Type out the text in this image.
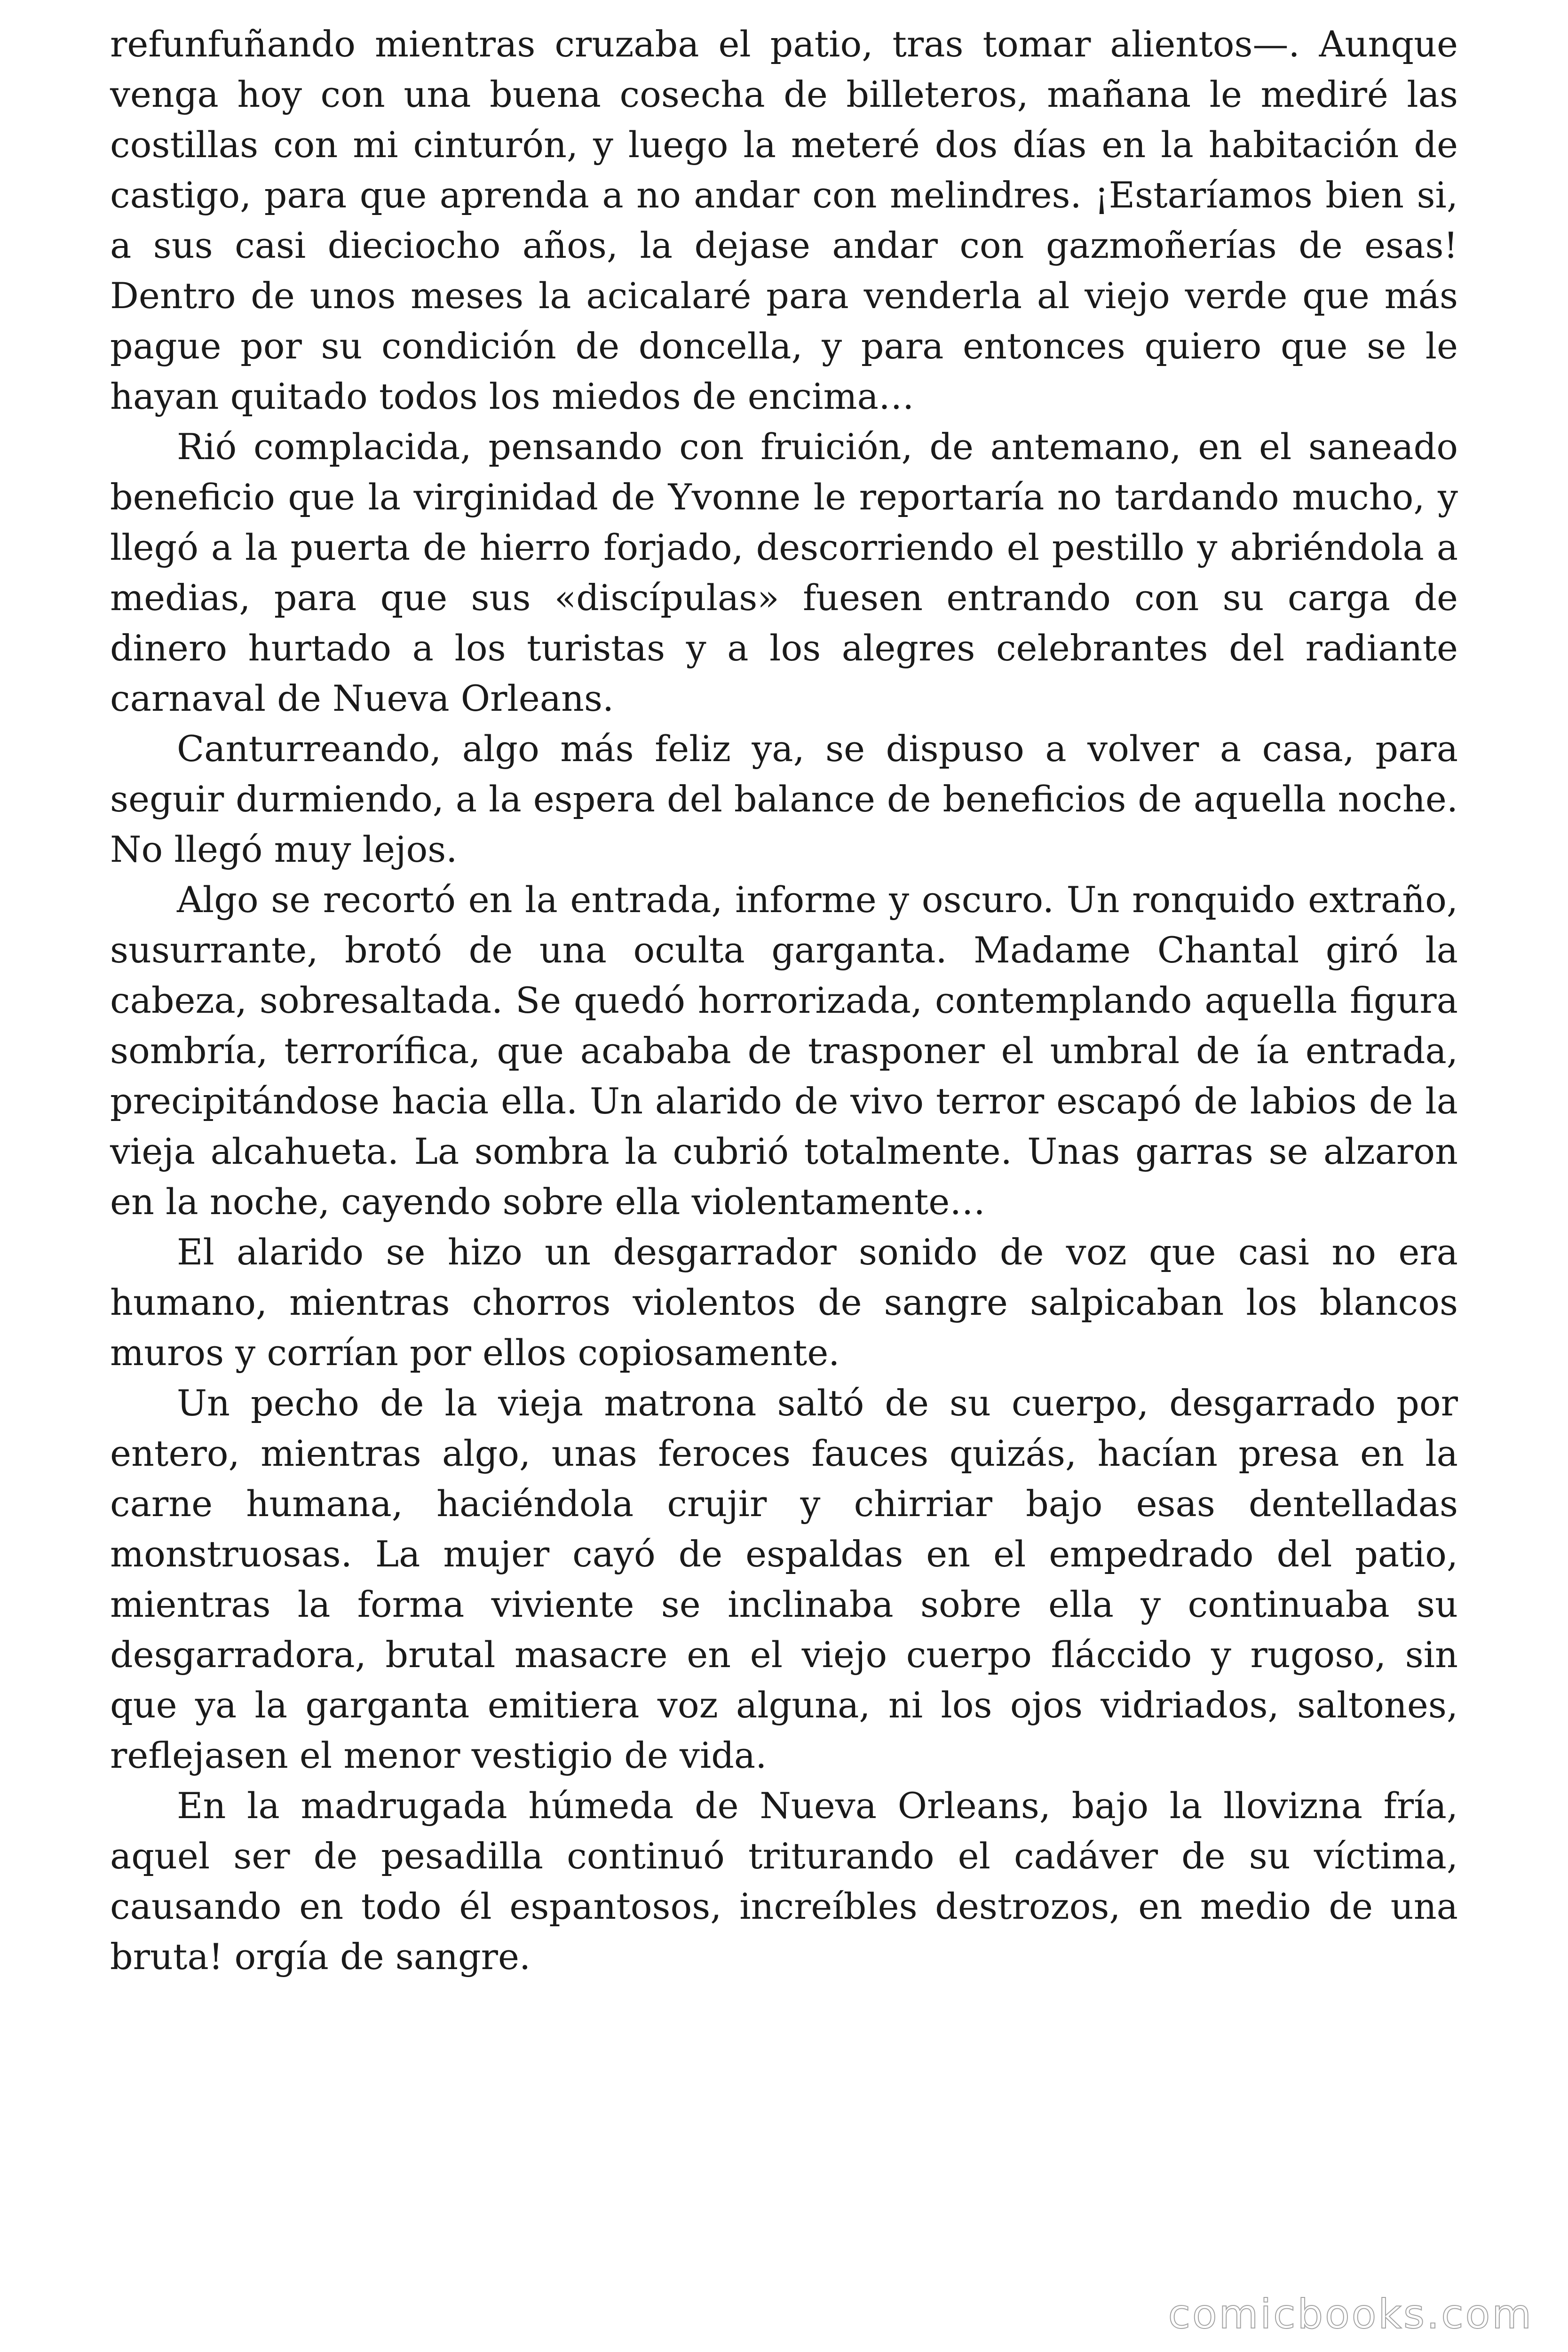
refunfuñando mientras cruzaba el patio, tras tomar alientos—. Aunque venga hoy con una buena cosecha de billeteros, mañana le mediré las costillas con mi cinturón, y luego la meteré dos días en la habitación de castigo, para que aprenda a no andar con melindres. ¡Estaríamos bien si, a sus casi dieciocho años, la dejase andar con gazmoñerías de esas! Dentro de unos meses la acicalaré para venderla al viejo verde que más pague por su condición de doncella, y para entonces quiero que se le hayan quitado todos los miedos de encima…

Rió complacida, pensando con fruición, de antemano, en el saneado beneficio que la virginidad de Yvonne le reportaría no tardando mucho, y llegó a la puerta de hierro forjado, descorriendo el pestillo y abriéndola a medias, para que sus «discípulas» fuesen entrando con su carga de dinero hurtado a los turistas y a los alegres celebrantes del radiante carnaval de Nueva Orleans.

Canturreando, algo más feliz ya, se dispuso a volver a casa, para seguir durmiendo, a la espera del balance de beneficios de aquella noche. No llegó muy lejos.

Algo se recortó en la entrada, informe y oscuro. Un ronquido extraño, susurrante, brotó de una oculta garganta. Madame Chantal giró la cabeza, sobresaltada. Se quedó horrorizada, contemplando aquella figura sombría, terrorífica, que acababa de trasponer el umbral de ía entrada, precipitándose hacia ella. Un alarido de vivo terror escapó de labios de la vieja alcahueta. La sombra la cubrió totalmente. Unas garras se alzaron en la noche, cayendo sobre ella violentamente…

El alarido se hizo un desgarrador sonido de voz que casi no era humano, mientras chorros violentos de sangre salpicaban los blancos muros y corrían por ellos copiosamente.

Un pecho de la vieja matrona saltó de su cuerpo, desgarrado por entero, mientras algo, unas feroces fauces quizás, hacían presa en la carne humana, haciéndola crujir y chirriar bajo esas dentelladas monstruosas. La mujer cayó de espaldas en el empedrado del patio, mientras la forma viviente se inclinaba sobre ella y continuaba su desgarradora, brutal masacre en el viejo cuerpo fláccido y rugoso, sin que ya la garganta emitiera voz alguna, ni los ojos vidriados, saltones, reflejasen el menor vestigio de vida.

En la madrugada húmeda de Nueva Orleans, bajo la llovizna fría, aquel ser de pesadilla continuó triturando el cadáver de su víctima, causando en todo él espantosos, increíbles destrozos, en medio de una bruta! orgía de sangre.

comicbooks.com
